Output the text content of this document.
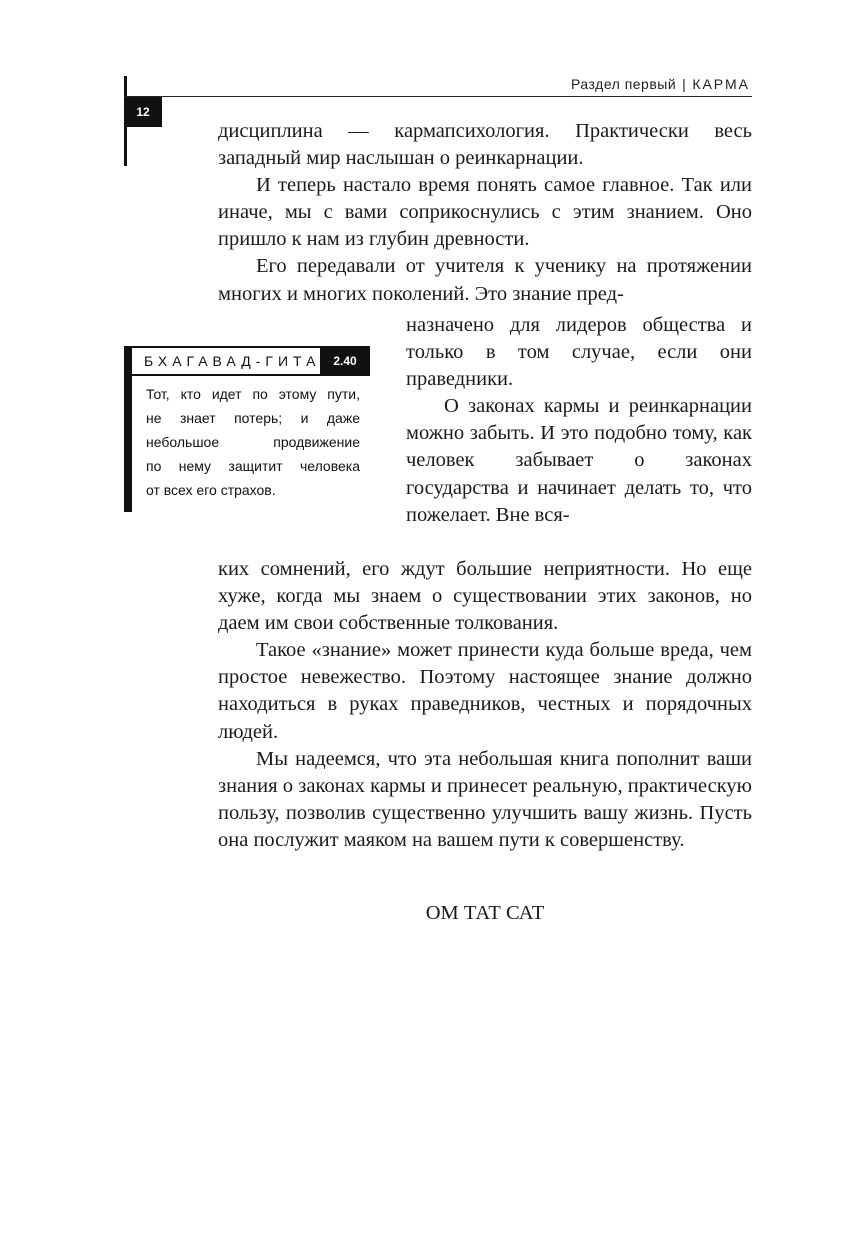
Раздел первый | КАРМА
12

дисциплина — кармапсихология. Практически весь западный мир наслышан о реинкарнации.

И теперь настало время понять самое главное. Так или иначе, мы с вами соприкоснулись с этим знанием. Оно пришло к нам из глубин древности.

Его передавали от учителя к ученику на протяжении многих и многих поколений. Это знание пред-

назначено для лидеров общества и только в том случае, если они праведники.

О законах кармы и реинкарнации можно забыть. И это подобно тому, как человек забывает о законах государства и начинает делать то, что пожелает. Вне вся-

БХАГАВАД-ГИТА	2.40

Тот, кто идет по этому пути,
не знает потерь; и даже
небольшое продвижение
по нему защитит человека
от всех его страхов.

ких сомнений, его ждут большие неприятности. Но еще хуже, когда мы знаем о существовании этих законов, но даем им свои собственные толкования.

Такое «знание» может принести куда больше вреда, чем простое невежество. Поэтому настоящее знание должно находиться в руках праведников, честных и порядочных людей.

Мы надеемся, что эта небольшая книга пополнит ваши знания о законах кармы и принесет реальную, практическую пользу, позволив существенно улучшить вашу жизнь. Пусть она послужит маяком на вашем пути к совершенству.

ОМ ТАТ САТ
